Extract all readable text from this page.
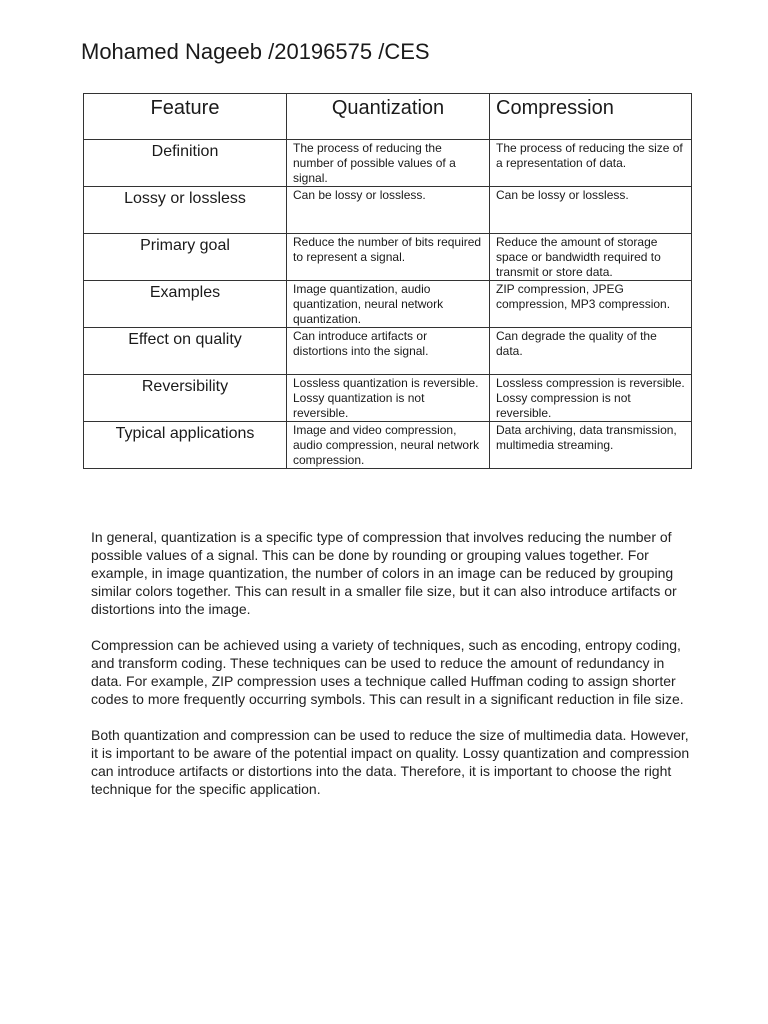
Mohamed Nageeb /20196575 /CES
Feature	Quantization	Compression
Definition	The process of reducing the number of possible values of a signal.	The process of reducing the size of a representation of data.
Lossy or lossless	Can be lossy or lossless.	Can be lossy or lossless.
Primary goal	Reduce the number of bits required to represent a signal.	Reduce the amount of storage space or bandwidth required to transmit or store data.
Examples	Image quantization, audio quantization, neural network quantization.	ZIP compression, JPEG compression, MP3 compression.
Effect on quality	Can introduce artifacts or distortions into the signal.	Can degrade the quality of the data.
Reversibility	Lossless quantization is reversible. Lossy quantization is not reversible.	Lossless compression is reversible. Lossy compression is not reversible.
Typical applications	Image and video compression, audio compression, neural network compression.	Data archiving, data transmission, multimedia streaming.

In general, quantization is a specific type of compression that involves reducing the number of possible values of a signal. This can be done by rounding or grouping values together. For example, in image quantization, the number of colors in an image can be reduced by grouping similar colors together. This can result in a smaller file size, but it can also introduce artifacts or distortions into the image.

Compression can be achieved using a variety of techniques, such as encoding, entropy coding, and transform coding. These techniques can be used to reduce the amount of redundancy in data. For example, ZIP compression uses a technique called Huffman coding to assign shorter codes to more frequently occurring symbols. This can result in a significant reduction in file size.

Both quantization and compression can be used to reduce the size of multimedia data. However, it is important to be aware of the potential impact on quality. Lossy quantization and compression can introduce artifacts or distortions into the data. Therefore, it is important to choose the right technique for the specific application.
